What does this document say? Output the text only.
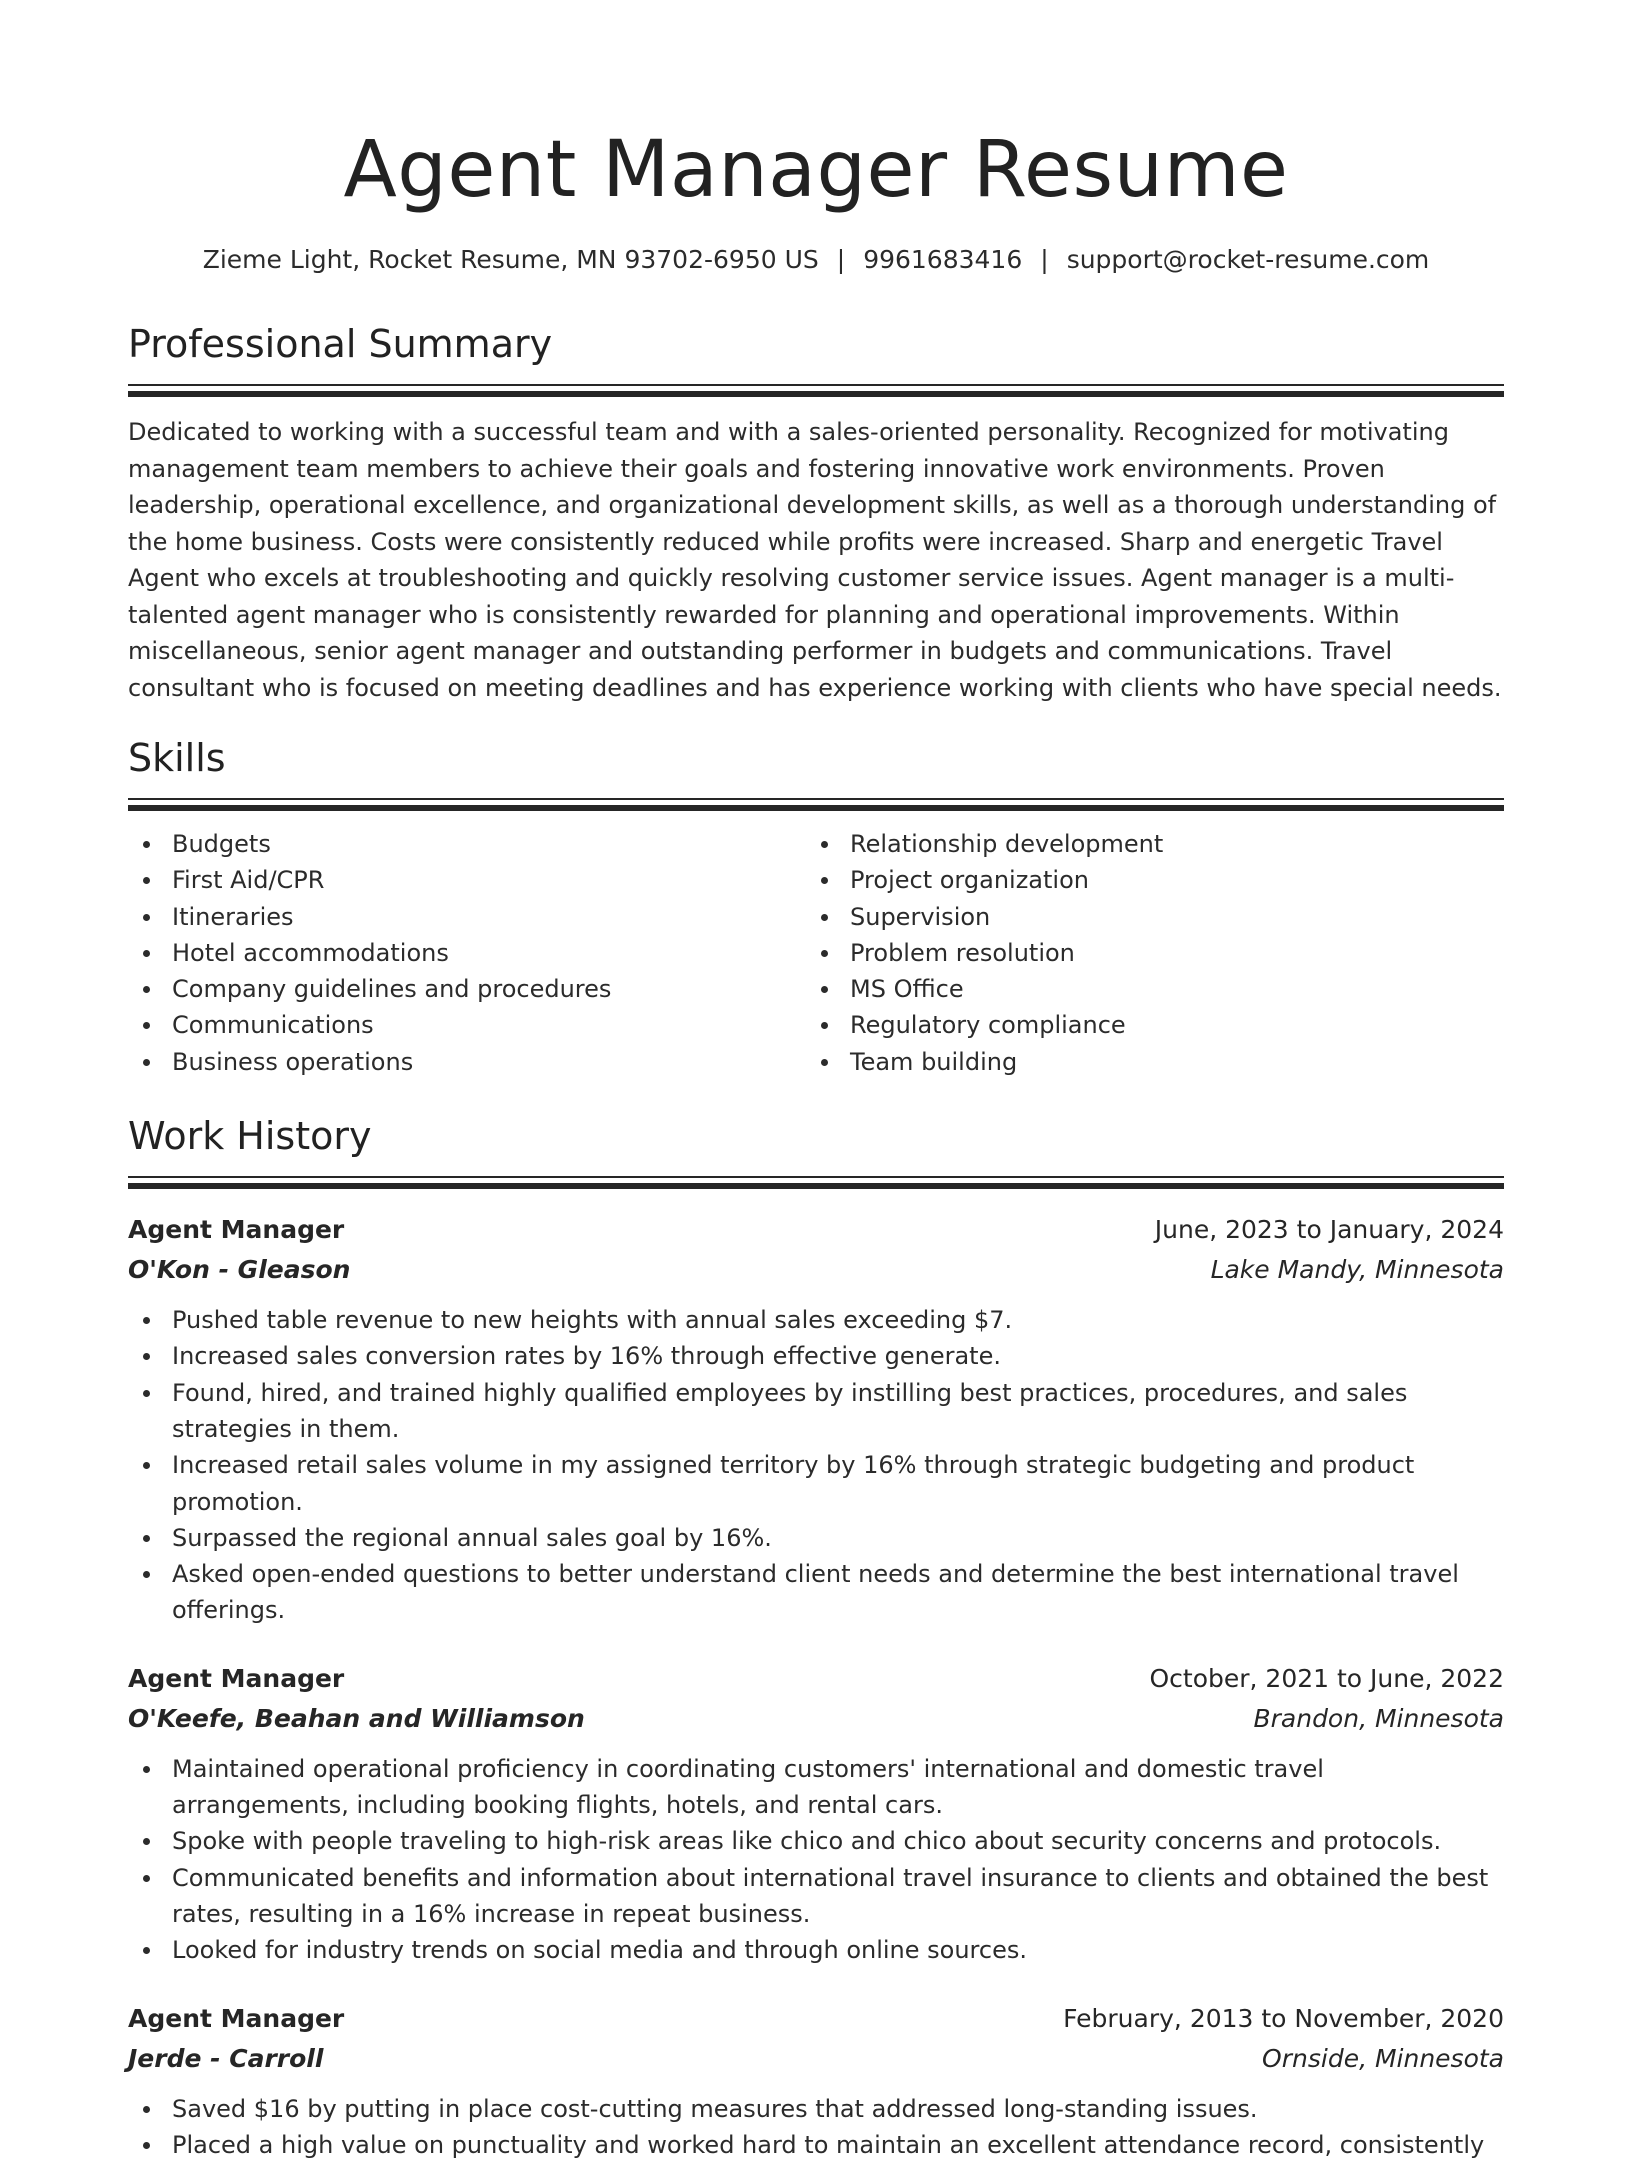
Agent Manager Resume
Zieme Light, Rocket Resume, MN 93702-6950 US | 9961683416 | support@rocket-resume.com
Professional Summary

Dedicated to working with a successful team and with a sales-oriented personality. Recognized for motivating management team members to achieve their goals and fostering innovative work environments. Proven leadership, operational excellence, and organizational development skills, as well as a thorough understanding of the home business. Costs were consistently reduced while profits were increased. Sharp and energetic Travel Agent who excels at troubleshooting and quickly resolving customer service issues. Agent manager is a multi-talented agent manager who is consistently rewarded for planning and operational improvements. Within miscellaneous, senior agent manager and outstanding performer in budgets and communications. Travel consultant who is focused on meeting deadlines and has experience working with clients who have special needs.

Skills
Budgets
First Aid/CPR
Itineraries
Hotel accommodations
Company guidelines and procedures
Communications
Business operations
Relationship development
Project organization
Supervision
Problem resolution
MS Office
Regulatory compliance
Team building
Work History
Agent Manager	June, 2023 to January, 2024
O'Kon - Gleason	Lake Mandy, Minnesota
Pushed table revenue to new heights with annual sales exceeding $7.
Increased sales conversion rates by 16% through effective generate.
Found, hired, and trained highly qualified employees by instilling best practices, procedures, and sales strategies in them.
Increased retail sales volume in my assigned territory by 16% through strategic budgeting and product promotion.
Surpassed the regional annual sales goal by 16%.
Asked open-ended questions to better understand client needs and determine the best international travel offerings.
Agent Manager	October, 2021 to June, 2022
O'Keefe, Beahan and Williamson	Brandon, Minnesota
Maintained operational proficiency in coordinating customers' international and domestic travel arrangements, including booking flights, hotels, and rental cars.
Spoke with people traveling to high-risk areas like chico and chico about security concerns and protocols.
Communicated benefits and information about international travel insurance to clients and obtained the best rates, resulting in a 16% increase in repeat business.
Looked for industry trends on social media and through online sources.
Agent Manager	February, 2013 to November, 2020
Jerde - Carroll	Ornside, Minnesota
Saved $16 by putting in place cost-cutting measures that addressed long-standing issues.
Placed a high value on punctuality and worked hard to maintain an excellent attendance record, consistently
